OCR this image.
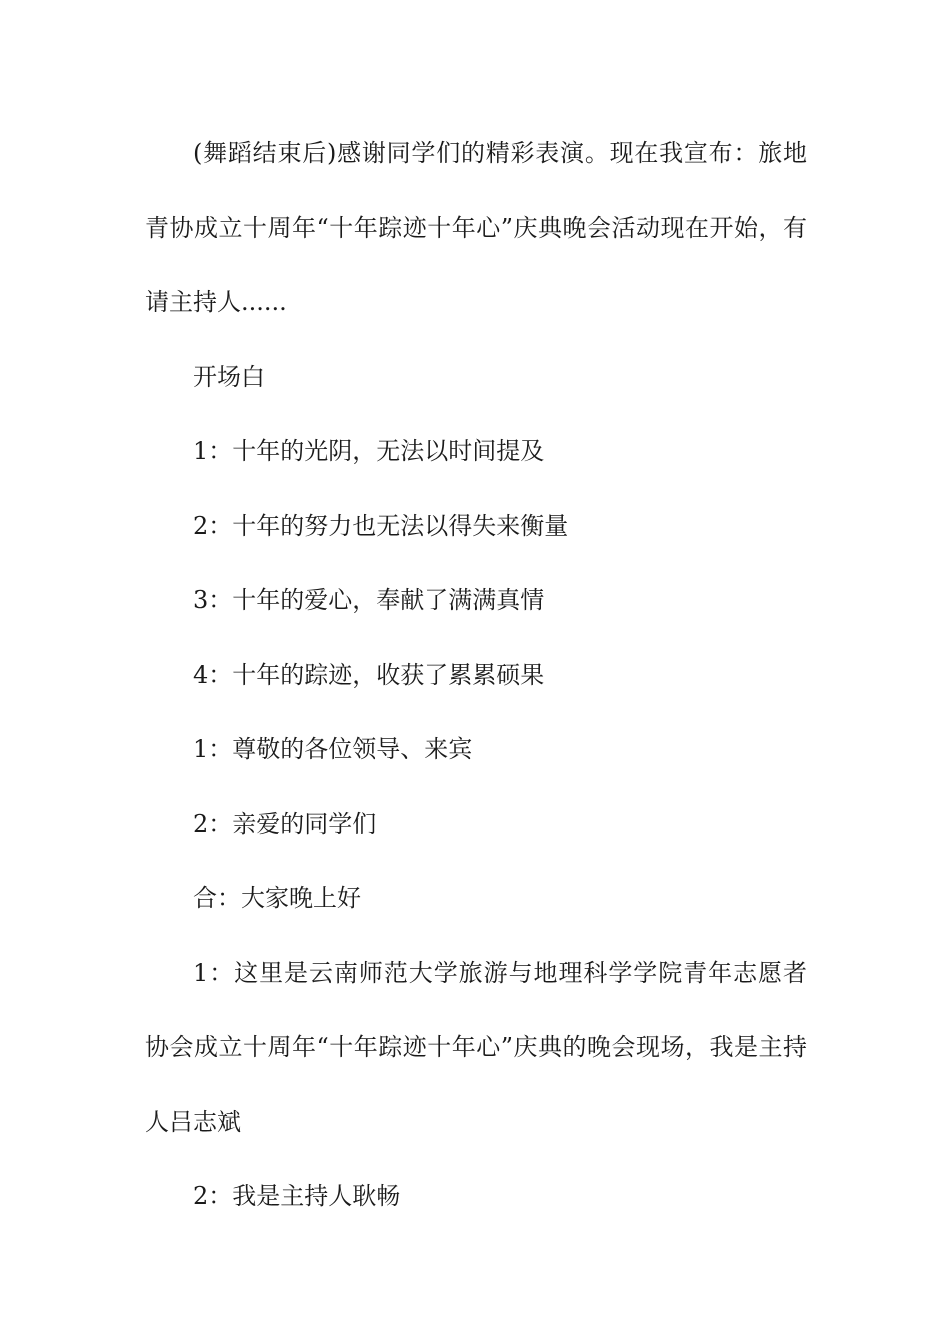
(舞蹈结束后)感谢同学们的精彩表演。现在我宣布：旅地青协成立十周年“十年踪迹十年心”庆典晚会活动现在开始，有请主持人......

开场白

1：十年的光阴，无法以时间提及

2：十年的努力也无法以得失来衡量

3：十年的爱心，奉献了满满真情

4：十年的踪迹，收获了累累硕果

1：尊敬的各位领导、来宾

2：亲爱的同学们

合：大家晚上好

1：这里是云南师范大学旅游与地理科学学院青年志愿者协会成立十周年“十年踪迹十年心”庆典的晚会现场，我是主持人吕志斌

2：我是主持人耿畅
